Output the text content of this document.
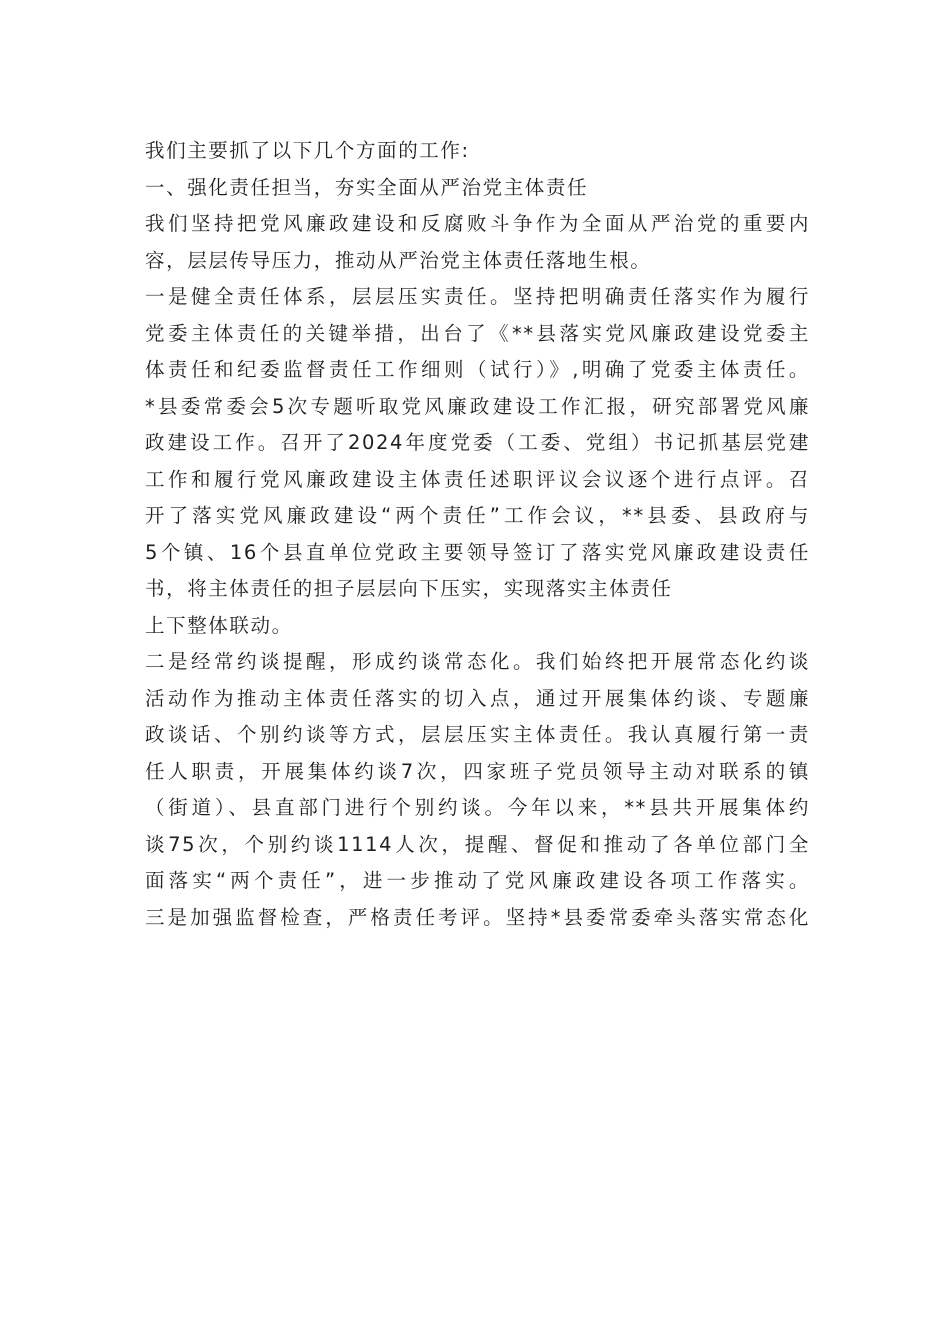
我们主要抓了以下几个方面的工作:
一、强化责任担当，夯实全面从严治党主体责任
我们坚持把党风廉政建设和反腐败斗争作为全面从严治党的重要内
容，层层传导压力，推动从严治党主体责任落地生根。
一是健全责任体系，层层压实责任。坚持把明确责任落实作为履行
党委主体责任的关键举措，出台了《**县落实党风廉政建设党委主
体责任和纪委监督责任工作细则（试行）》,明确了党委主体责任。
*县委常委会5次专题听取党风廉政建设工作汇报，研究部署党风廉
政建设工作。召开了2024年度党委（工委、党组）书记抓基层党建
工作和履行党风廉政建设主体责任述职评议会议逐个进行点评。召
开了落实党风廉政建设“两个责任”工作会议，**县委、县政府与
5个镇、16个县直单位党政主要领导签订了落实党风廉政建设责任
书，将主体责任的担子层层向下压实，实现落实主体责任
上下整体联动。
二是经常约谈提醒，形成约谈常态化。我们始终把开展常态化约谈
活动作为推动主体责任落实的切入点，通过开展集体约谈、专题廉
政谈话、个别约谈等方式，层层压实主体责任。我认真履行第一责
任人职责，开展集体约谈7次，四家班子党员领导主动对联系的镇
（街道）、县直部门进行个别约谈。今年以来，**县共开展集体约
谈75次，个别约谈1114人次，提醒、督促和推动了各单位部门全
面落实“两个责任”，进一步推动了党风廉政建设各项工作落实。
三是加强监督检查，严格责任考评。坚持*县委常委牵头落实常态化
